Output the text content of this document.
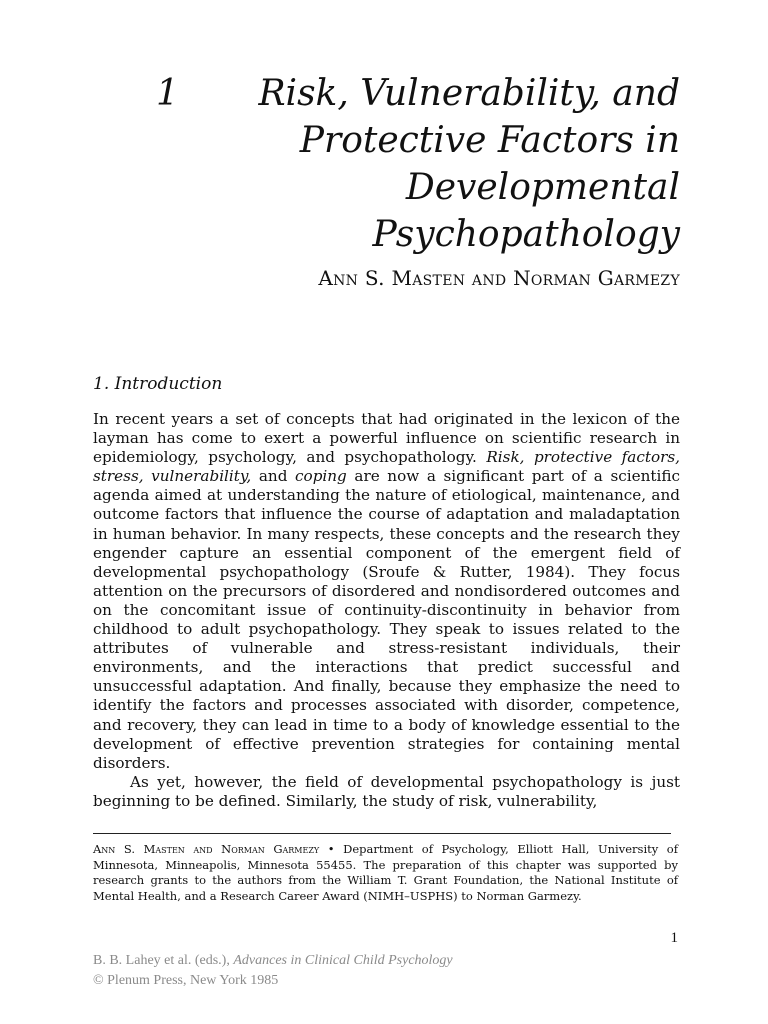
1	Risk, Vulnerability, and
Protective Factors in
Developmental Psychopathology
Ann S. Masten and Norman Garmezy
1. Introduction

In recent years a set of concepts that had originated in the lexicon of the layman has come to exert a powerful influence on scientific research in epidemiology, psychology, and psychopathology. Risk, protective factors, stress, vulnerability, and coping are now a significant part of a scientific agenda aimed at understanding the nature of etiological, maintenance, and outcome factors that influence the course of adaptation and maladaptation in human behavior. In many respects, these concepts and the research they engender capture an essential component of the emergent field of developmental psychopathology (Sroufe & Rutter, 1984). They focus attention on the precursors of disordered and nondisordered outcomes and on the concomitant issue of continuity-discontinuity in behavior from childhood to adult psychopathology. They speak to issues related to the attributes of vulnerable and stress-resistant individuals, their environments, and the interactions that predict successful and unsuccessful adaptation. And finally, because they emphasize the need to identify the factors and processes associated with disorder, competence, and recovery, they can lead in time to a body of knowledge essential to the development of effective prevention strategies for containing mental disorders.

As yet, however, the field of developmental psychopathology is just beginning to be defined. Similarly, the study of risk, vulnerability,

Ann S. Masten and Norman Garmezy • Department of Psychology, Elliott Hall, University of Minnesota, Minneapolis, Minnesota 55455. The preparation of this chapter was supported by research grants to the authors from the William T. Grant Foundation, the National Institute of Mental Health, and a Research Career Award (NIMH–USPHS) to Norman Garmezy.
1
B. B. Lahey et al. (eds.), Advances in Clinical Child Psychology
© Plenum Press, New York 1985
